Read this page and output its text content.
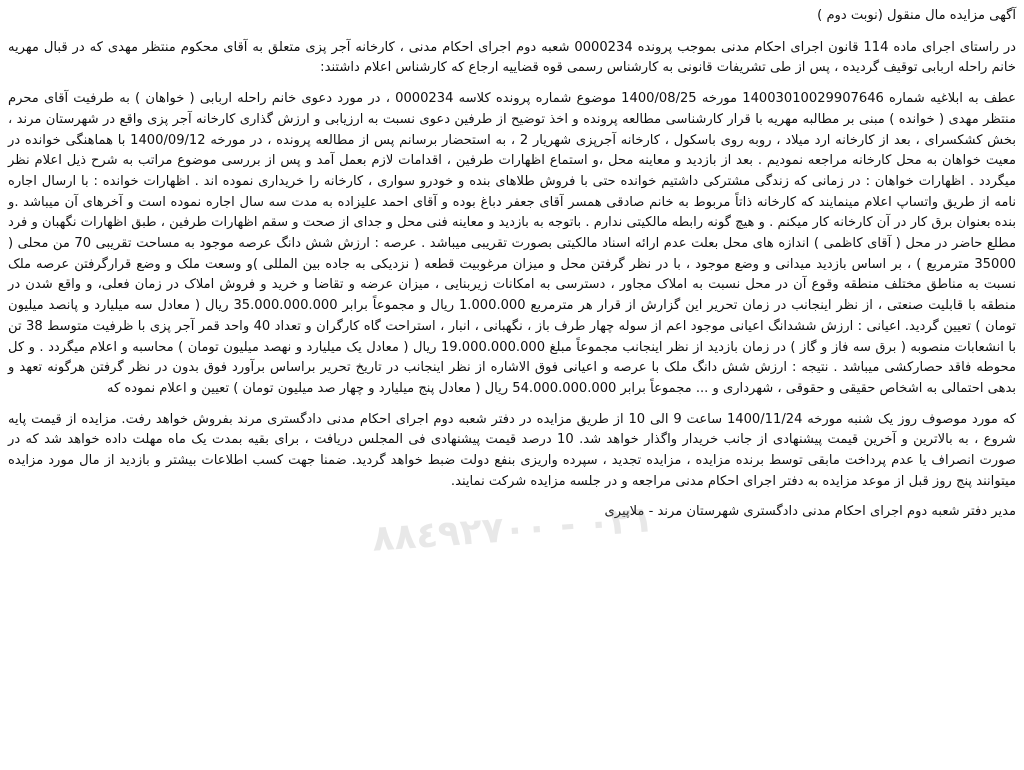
آگهی مزایده مال منقول (نوبت دوم )

در راستای اجرای ماده 114 قانون اجرای احکام مدنی بموجب پرونده 0000234 شعبه دوم اجرای احکام مدنی ، کارخانه آجر پزی متعلق به آقای محکوم منتظر مهدی که در قبال مهریه خانم راحله اربابی توقیف گردیده ، پس از طی تشریفات قانونی به کارشناس رسمی قوه قضاییه ارجاع که کارشناس اعلام داشتند:

عطف به ابلاغیه شماره 14003010029907646 مورخه 1400/08/25 موضوع شماره پرونده کلاسه 0000234 ، در مورد دعوی خانم راحله اربابی ( خواهان ) به طرفیت آقای محرم منتظر مهدی ( خوانده ) مبنی بر مطالبه مهریه با قرار کارشناسی مطالعه پرونده و اخذ توضیح از طرفین دعوی نسبت به ارزیابی و ارزش گذاری کارخانه آجر پزی واقع در شهرستان مرند ، بخش کشکسرای ، بعد از کارخانه ارد میلاد ، روبه روی باسکول ، کارخانه آجرپزی شهریار 2 ، به استحضار برسانم پس از مطالعه پرونده ، در مورخه 1400/09/12 با هماهنگی خوانده در معیت خواهان به محل کارخانه مراجعه نمودیم . بعد از بازدید و معاینه محل ،و استماع اظهارات طرفین ، اقدامات لازم بعمل آمد و پس از بررسی موضوع مراتب به شرح ذیل اعلام نظر میگردد . اظهارات خواهان : در زمانی که زندگی مشترکی داشتیم خوانده حتی با فروش طلاهای بنده و خودرو سواری ، کارخانه را خریداری نموده اند . اظهارات خوانده : با ارسال اجاره نامه از طریق واتساپ اعلام مینمایند که کارخانه ذاتاً مربوط به خانم صادقی همسر آقای جعفر دباغ بوده و آقای احمد علیزاده به مدت سه سال اجاره نموده است و آخرهای آن میباشد .و بنده بعنوان برق کار در آن کارخانه کار میکنم . و هیچ گونه رابطه مالکیتی ندارم . باتوجه به بازدید و معاینه فنی محل و جدای از صحت و سقم اظهارات طرفین ، طبق اظهارات نگهبان و فرد مطلع حاضر در محل ( آقای کاظمی ) اندازه های محل بعلت عدم ارائه اسناد مالکیتی بصورت تقریبی میباشد . عرصه : ارزش شش دانگ عرصه موجود به مساحت تقریبی 70 من محلی ( 35000 مترمربع ) ، بر اساس بازدید میدانی و وضع موجود ، با در نظر گرفتن محل و میزان مرغوبیت قطعه ( نزدیکی به جاده بین المللی )و وسعت ملک و وضع قرارگرفتن عرصه ملک نسبت به مناطق مختلف منطقه وقوع آن در محل نسبت به املاک مجاور ، دسترسی به امکانات زیربنایی ، میزان عرضه و تقاضا و خرید و فروش املاک در زمان فعلی، و واقع شدن در منطقه با قابلیت صنعتی ، از نظر اینجانب در زمان تحریر این گزارش از قرار هر مترمربع 1.000.000 ریال و مجموعاً برابر 35.000.000.000 ریال ( معادل سه میلیارد و پانصد میلیون تومان ) تعیین گردید. اعیانی : ارزش ششدانگ اعیانی موجود اعم از سوله چهار طرف باز ، نگهبانی ، انبار ، استراحت گاه کارگران و تعداد 40 واحد قمر آجر پزی با ظرفیت متوسط 38 تن با انشعابات منصوبه ( برق سه فاز و گاز ) در زمان بازدید از نظر اینجانب مجموعاً مبلغ 19.000.000.000 ریال ( معادل یک میلیارد و نهصد میلیون تومان ) محاسبه و اعلام میگردد . و کل محوطه فاقد حصارکشی میباشد . نتیجه : ارزش شش دانگ ملک با عرصه و اعیانی فوق الاشاره از نظر اینجانب در تاریخ تحریر براساس برآورد فوق بدون در نظر گرفتن هرگونه تعهد و بدهی احتمالی به اشخاص حقیقی و حقوقی ، شهرداری و ... مجموعاً برابر 54.000.000.000 ریال ( معادل پنج میلیارد و چهار صد میلیون تومان ) تعیین و اعلام نموده که

که مورد موصوف روز یک شنبه مورخه 1400/11/24 ساعت 9 الی 10 از طریق مزایده در دفتر شعبه دوم اجرای احکام مدنی دادگستری مرند بفروش خواهد رفت. مزایده از قیمت پایه شروع ، به بالاترین و آخرین قیمت پیشنهادی از جانب خریدار واگذار خواهد شد. 10 درصد قیمت پیشنهادی فی المجلس دریافت ، برای بقیه بمدت یک ماه مهلت داده خواهد شد که در صورت انصراف یا عدم پرداخت مابقی توسط برنده مزایده ، مزایده تجدید ، سپرده واریزی بنفع دولت ضبط خواهد گردید. ضمنا جهت کسب اطلاعات بیشتر و بازدید از مال مورد مزایده میتوانند پنج روز قبل از موعد مزایده به دفتر اجرای احکام مدنی مراجعه و در جلسه مزایده شرکت نمایند.

مدیر دفتر شعبه دوم اجرای احکام مدنی دادگستری شهرستان مرند - ملاپیری

٠٢١ - ٨٨٤٩٢٧٠٠
